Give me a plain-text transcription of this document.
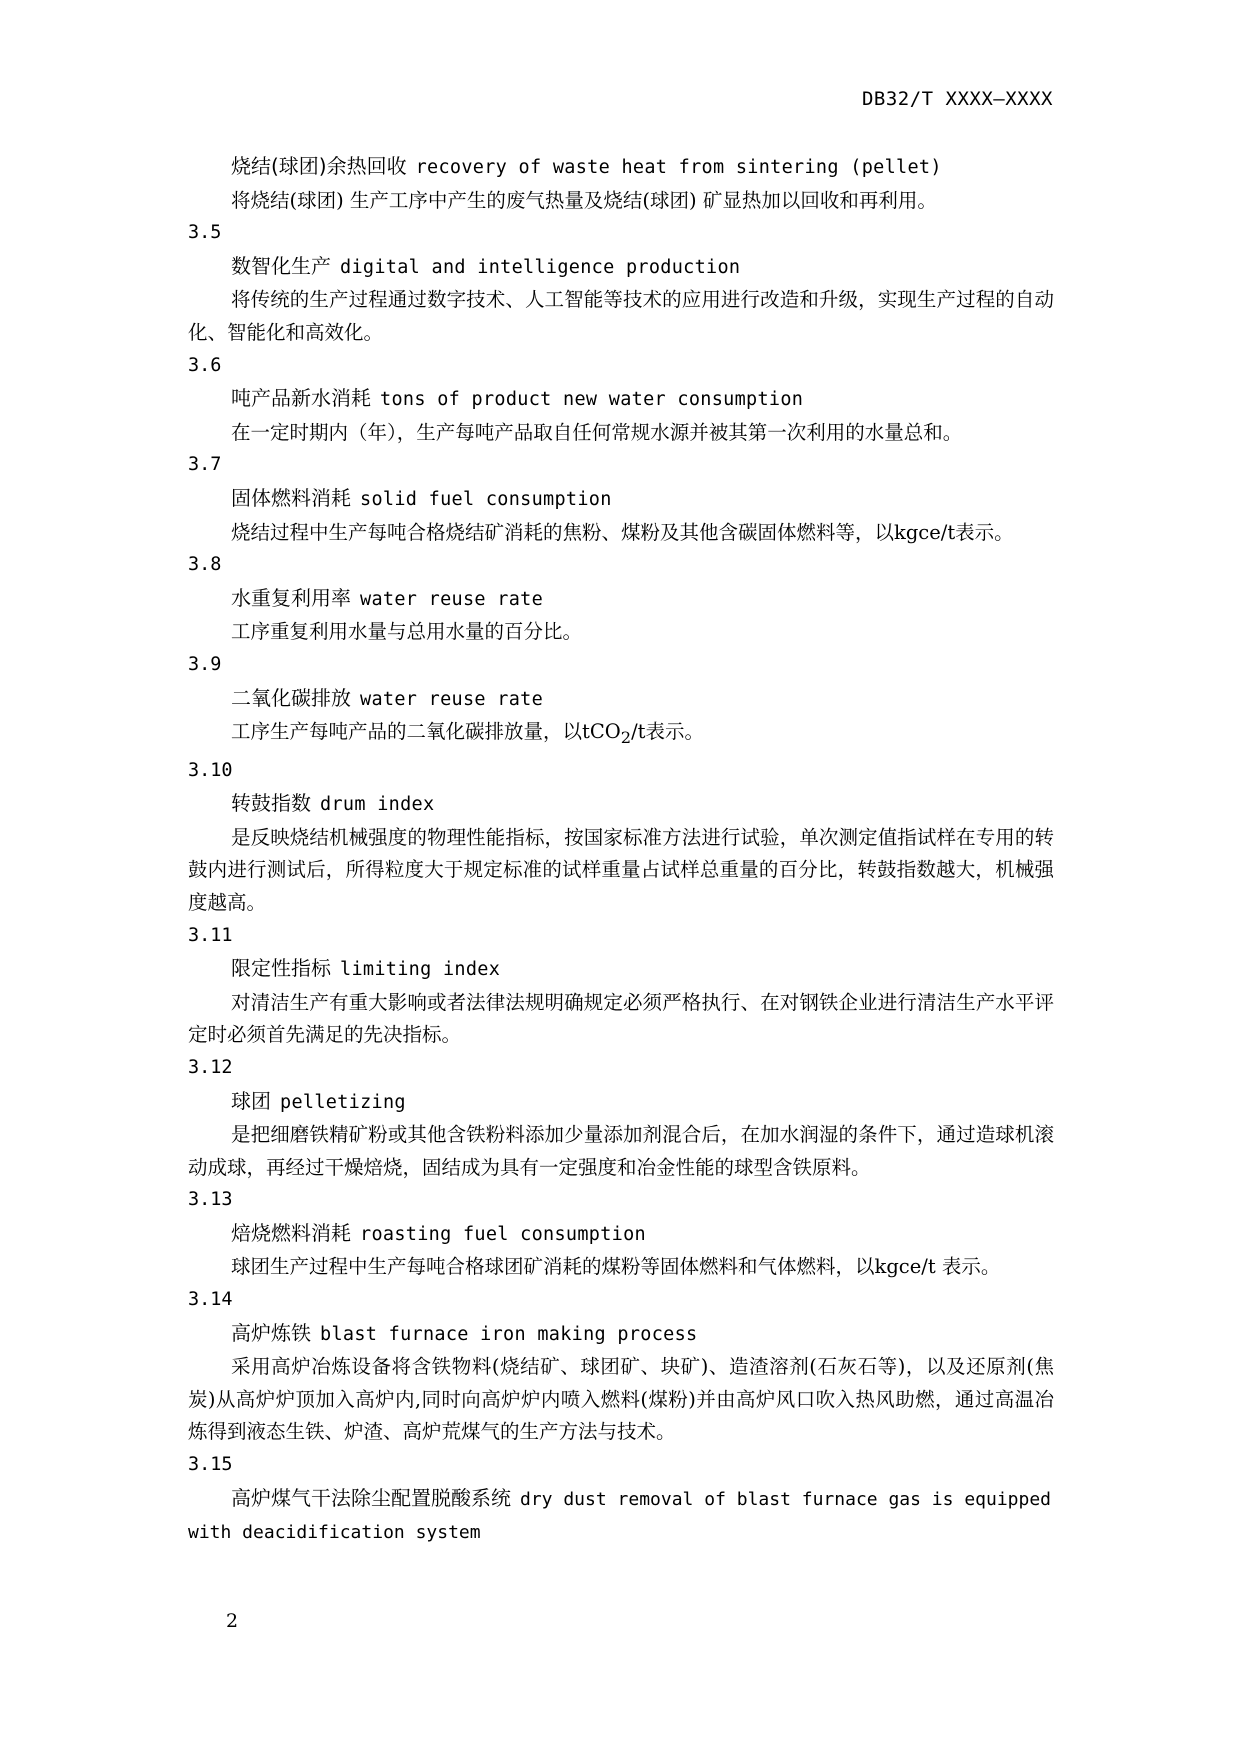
DB32/T XXXX—XXXX

烧结(球团)余热回收 recovery of waste heat from sintering (pellet)

将烧结(球团) 生产工序中产生的废气热量及烧结(球团) 矿显热加以回收和再利用。

3.5

数智化生产 digital and intelligence production

将传统的生产过程通过数字技术、人工智能等技术的应用进行改造和升级，实现生产过程的自动化、智能化和高效化。

3.6

吨产品新水消耗 tons of product new water consumption

在一定时期内（年），生产每吨产品取自任何常规水源并被其第一次利用的水量总和。

3.7

固体燃料消耗 solid fuel consumption

烧结过程中生产每吨合格烧结矿消耗的焦粉、煤粉及其他含碳固体燃料等，以kgce/t表示。

3.8

水重复利用率 water reuse rate

工序重复利用水量与总用水量的百分比。

3.9

二氧化碳排放 water reuse rate

工序生产每吨产品的二氧化碳排放量，以tCO$_2$/t表示。

3.10

转鼓指数 drum index

是反映烧结机械强度的物理性能指标，按国家标准方法进行试验，单次测定值指试样在专用的转鼓内进行测试后，所得粒度大于规定标准的试样重量占试样总重量的百分比，转鼓指数越大，机械强度越高。

3.11

限定性指标 limiting index

对清洁生产有重大影响或者法律法规明确规定必须严格执行、在对钢铁企业进行清洁生产水平评定时必须首先满足的先决指标。

3.12

球团 pelletizing

是把细磨铁精矿粉或其他含铁粉料添加少量添加剂混合后，在加水润湿的条件下，通过造球机滚动成球，再经过干燥焙烧，固结成为具有一定强度和冶金性能的球型含铁原料。

3.13

焙烧燃料消耗 roasting fuel consumption

球团生产过程中生产每吨合格球团矿消耗的煤粉等固体燃料和气体燃料，以kgce/t 表示。

3.14

高炉炼铁 blast furnace iron making process

采用高炉冶炼设备将含铁物料(烧结矿、球团矿、块矿)、造渣溶剂(石灰石等)，以及还原剂(焦炭)从高炉炉顶加入高炉内,同时向高炉炉内喷入燃料(煤粉)并由高炉风口吹入热风助燃，通过高温冶炼得到液态生铁、炉渣、高炉荒煤气的生产方法与技术。

3.15

高炉煤气干法除尘配置脱酸系统 dry dust removal of blast furnace gas is equipped with deacidification system

2
